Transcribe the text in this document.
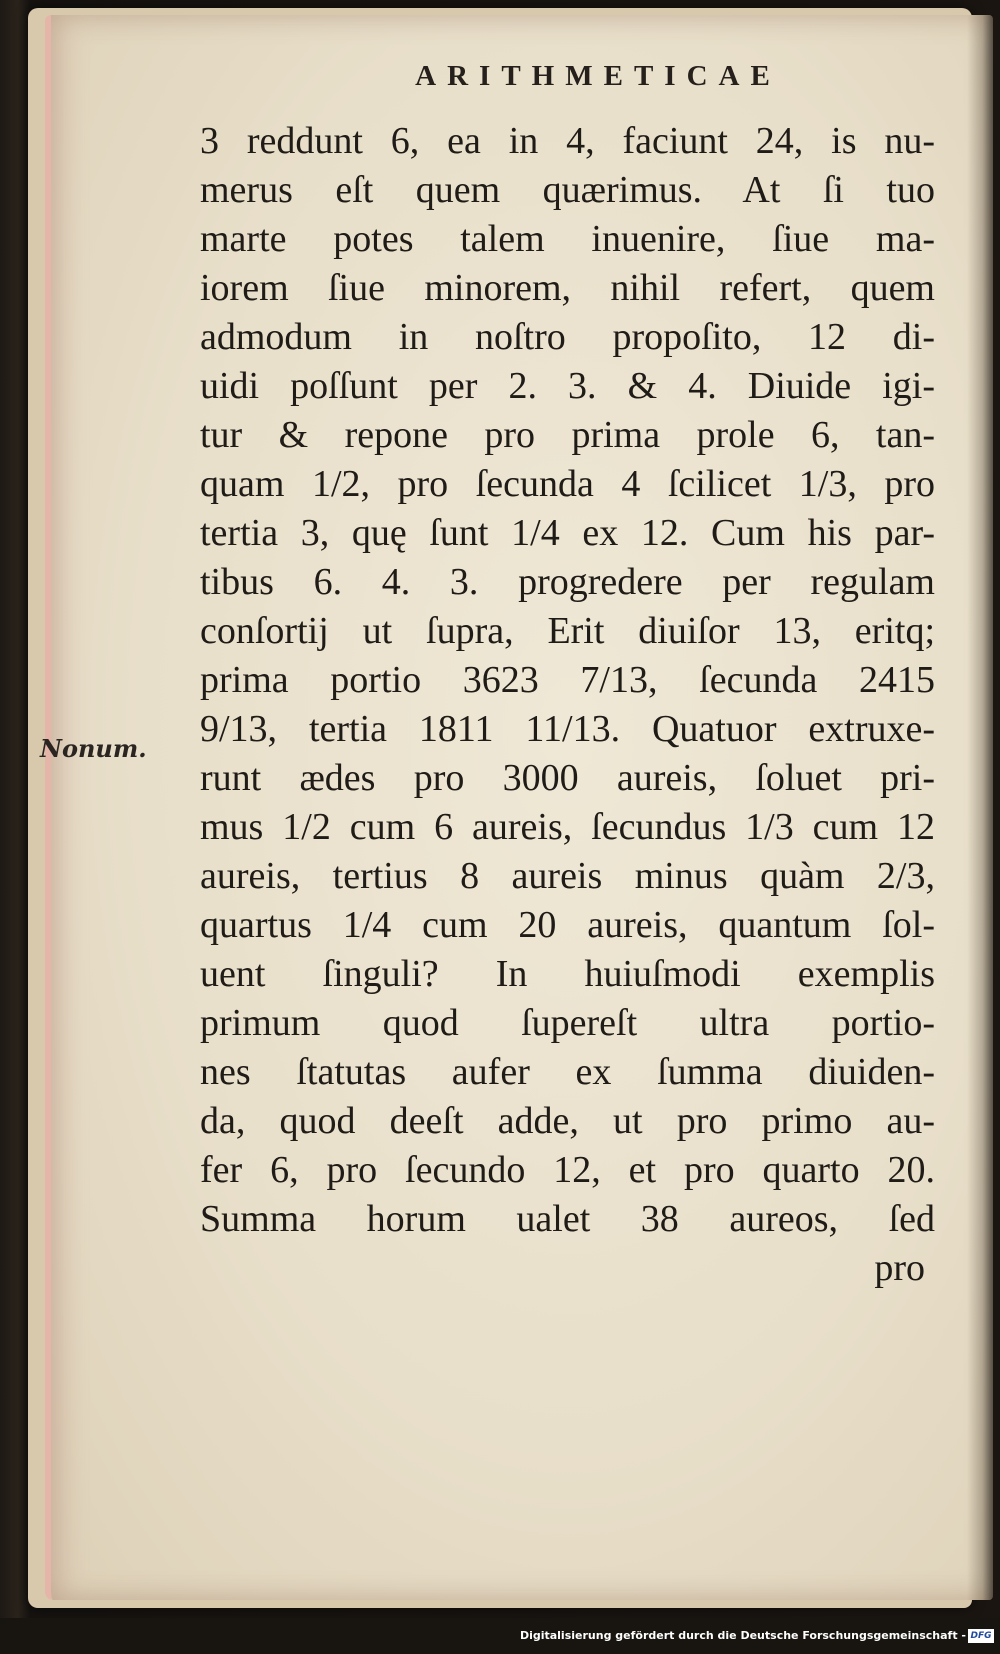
ARITHMETICAE

Nonum.

3 reddunt 6, ea in 4, faciunt 24, is nu-
merus eſt quem quærimus. At ſi tuo
marte potes talem inuenire, ſiue ma-
iorem ſiue minorem, nihil refert, quem
admodum in noſtro propoſito, 12 di-
uidi poſſunt per 2. 3. & 4. Diuide igi-
tur & repone pro prima prole 6, tan-
quam 1/2, pro ſecunda 4 ſcilicet 1/3, pro
tertia 3, quę ſunt 1/4 ex 12. Cum his par-
tibus 6. 4. 3. progredere per regulam
conſortij ut ſupra, Erit diuiſor 13, eritq;
prima portio 3623 7/13, ſecunda 2415
9/13, tertia 1811 11/13. Quatuor extruxe-
runt ædes pro 3000 aureis, ſoluet pri-
mus 1/2 cum 6 aureis, ſecundus 1/3 cum 12
aureis, tertius 8 aureis minus quàm 2/3,
quartus 1/4 cum 20 aureis, quantum ſol-
uent ſinguli? In huiuſmodi exemplis
primum quod ſupereſt ultra portio-
nes ſtatutas aufer ex ſumma diuiden-
da, quod deeſt adde, ut pro primo au-
fer 6, pro ſecundo 12, et pro quarto 20.
Summa horum ualet 38 aureos, ſed
pro

Digitalisierung gefördert durch die Deutsche Forschungsgemeinschaft - DFG
